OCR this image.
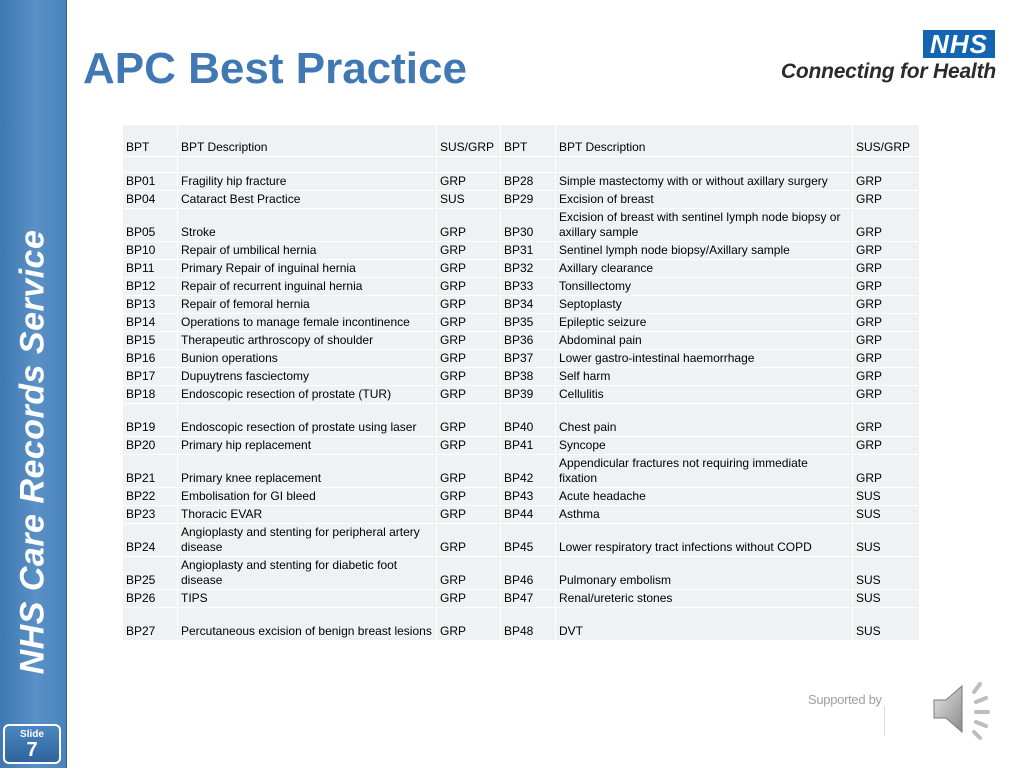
NHS Care Records Service
Slide
7
APC Best Practice	NHS
Connecting for Health
BPT	BPT Description	SUS/GRP	BPT	BPT Description	SUS/GRP

BP01	Fragility hip fracture	GRP	BP28	Simple mastectomy with or without axillary surgery	GRP
BP04	Cataract Best Practice	SUS	BP29	Excision of breast	GRP
BP05	Stroke	GRP	BP30	Excision of breast with sentinel lymph node biopsy or axillary sample	GRP
BP10	Repair of umbilical hernia	GRP	BP31	Sentinel lymph node biopsy/Axillary sample	GRP
BP11	Primary Repair of inguinal hernia	GRP	BP32	Axillary clearance	GRP
BP12	Repair of recurrent inguinal hernia	GRP	BP33	Tonsillectomy	GRP
BP13	Repair of femoral hernia	GRP	BP34	Septoplasty	GRP
BP14	Operations to manage female incontinence	GRP	BP35	Epileptic seizure	GRP
BP15	Therapeutic arthroscopy of shoulder	GRP	BP36	Abdominal pain	GRP
BP16	Bunion operations	GRP	BP37	Lower gastro-intestinal haemorrhage	GRP
BP17	Dupuytrens fasciectomy	GRP	BP38	Self harm	GRP
BP18	Endoscopic resection of prostate (TUR)	GRP	BP39	Cellulitis	GRP
BP19	Endoscopic resection of prostate using laser	GRP	BP40	Chest pain	GRP
BP20	Primary hip replacement	GRP	BP41	Syncope	GRP
BP21	Primary knee replacement	GRP	BP42	Appendicular fractures not requiring immediate fixation	GRP
BP22	Embolisation for GI bleed	GRP	BP43	Acute headache	SUS
BP23	Thoracic EVAR	GRP	BP44	Asthma	SUS
BP24	Angioplasty and stenting for peripheral artery disease	GRP	BP45	Lower respiratory tract infections without COPD	SUS
BP25	Angioplasty and stenting for diabetic foot disease	GRP	BP46	Pulmonary embolism	SUS
BP26	TIPS	GRP	BP47	Renal/ureteric stones	SUS
BP27	Percutaneous excision of benign breast lesions	GRP	BP48	DVT	SUS
Supported by
